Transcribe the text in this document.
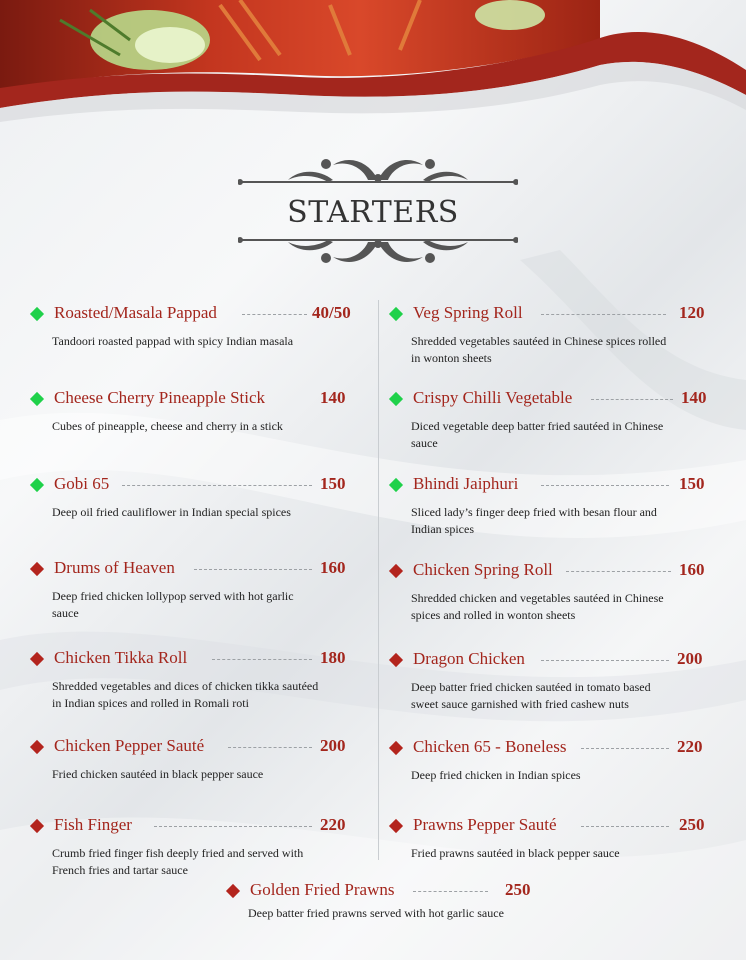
STARTERS
Roasted/Masala Pappad	40/50
Tandoori roasted pappad with spicy Indian masala
Cheese Cherry Pineapple Stick	140
Cubes of pineapple, cheese and cherry in a stick
Gobi 65	150
Deep oil fried cauliflower in Indian special spices
Drums of Heaven	160
Deep fried chicken lollypop served with hot garlic
sauce
Chicken Tikka Roll	180
Shredded vegetables and dices of chicken tikka sautéed
in Indian spices and rolled in Romali roti
Chicken Pepper Sauté	200
Fried chicken sautéed in black pepper sauce
Fish Finger	220
Crumb fried finger fish deeply fried and served with
French fries and tartar sauce
Veg Spring Roll	120
Shredded vegetables sautéed in Chinese spices rolled
in wonton sheets
Crispy Chilli Vegetable	140
Diced vegetable deep batter fried sautéed in Chinese
sauce
Bhindi Jaiphuri	150
Sliced lady’s finger deep fried with besan flour and
Indian spices
Chicken Spring Roll	160
Shredded chicken and vegetables sautéed in Chinese
spices and rolled in wonton sheets
Dragon Chicken	200
Deep batter fried chicken sautéed in tomato based
sweet sauce garnished with fried cashew nuts
Chicken 65 - Boneless	220
Deep fried chicken in Indian spices
Prawns Pepper Sauté	250
Fried prawns sautéed in black pepper sauce
Golden Fried Prawns	250
Deep batter fried prawns served with hot garlic sauce
